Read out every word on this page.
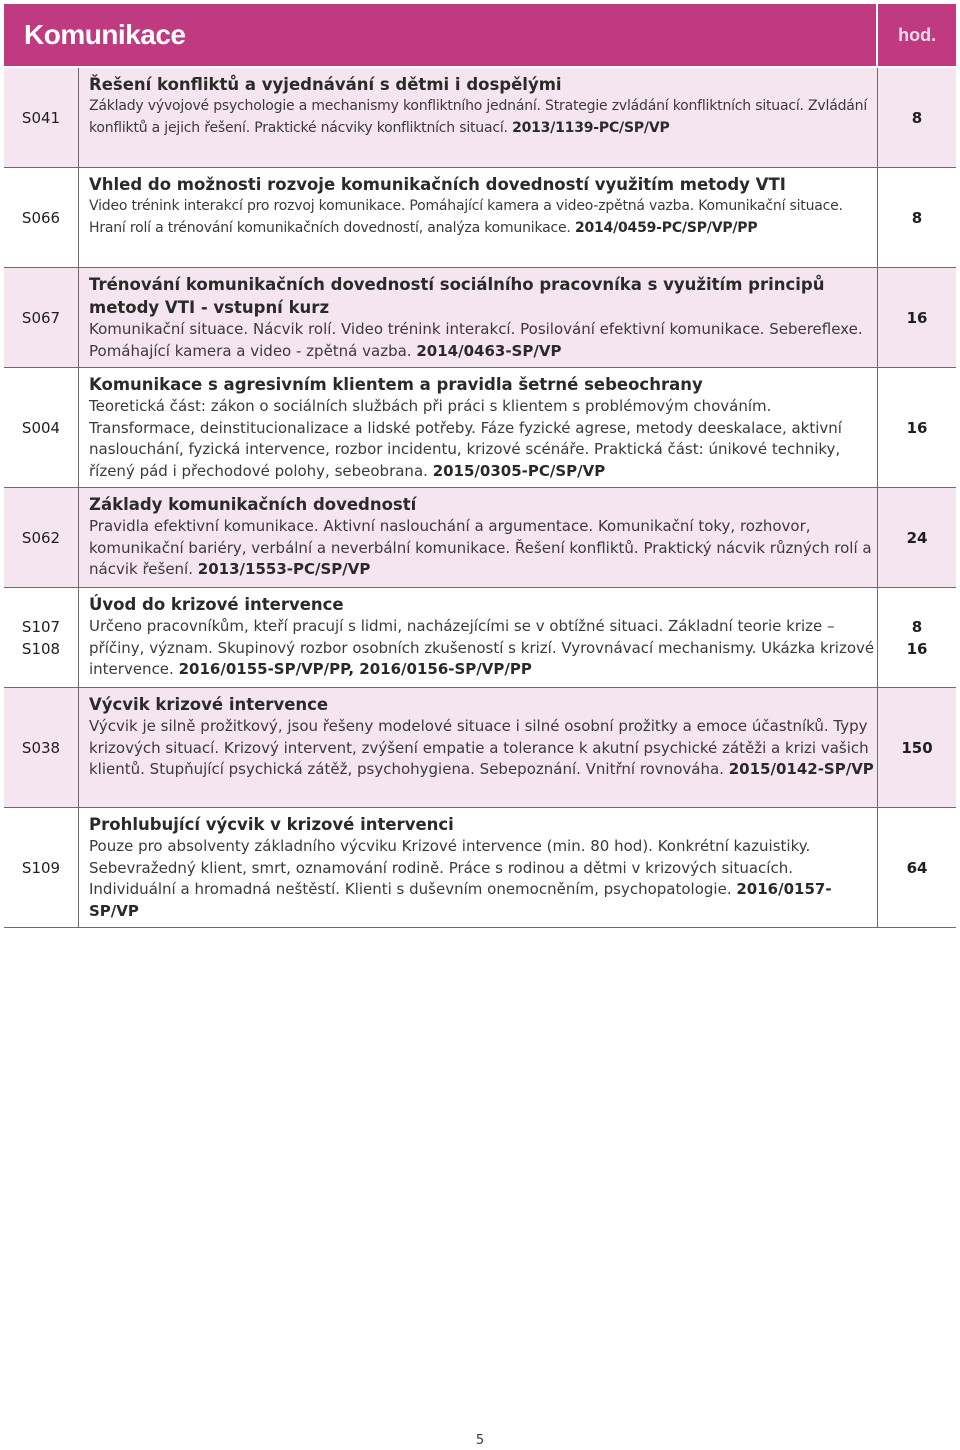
Komunikace	hod.
S041
Řešení konfliktů a vyjednávání s dětmi i dospělými
Základy vývojové psychologie a mechanismy konfliktního jednání. Strategie zvládání konfliktních situací. Zvládání konfliktů a jejich řešení. Praktické nácviky konfliktních situací. 2013/1139-PC/SP/VP
8
S066
Vhled do možnosti rozvoje komunikačních dovedností využitím metody VTI
Video trénink interakcí pro rozvoj komunikace. Pomáhající kamera a video-zpětná vazba. Komunikační situace. Hraní rolí a trénování komunikačních dovedností, analýza komunikace. 2014/0459-PC/SP/VP/PP
8
S067
Trénování komunikačních dovedností sociálního pracovníka s využitím principů metody VTI - vstupní kurz
Komunikační situace. Nácvik rolí. Video trénink interakcí. Posilování efektivní komunikace. Sebereflexe. Pomáhající kamera a video - zpětná vazba. 2014/0463-SP/VP
16
S004
Komunikace s agresivním klientem a pravidla šetrné sebeochrany
Teoretická část: zákon o sociálních službách při práci s klientem s problémovým chováním. Transformace, deinstitucionalizace a lidské potřeby. Fáze fyzické agrese, metody deeskalace, aktivní naslouchání, fyzická intervence, rozbor incidentu, krizové scénáře. Praktická část: únikové techniky, řízený pád i přechodové polohy, sebeobrana. 2015/0305-PC/SP/VP
16
S062
Základy komunikačních dovedností
Pravidla efektivní komunikace. Aktivní naslouchání a argumentace. Komunikační toky, rozhovor, komunikační bariéry, verbální a neverbální komunikace. Řešení konfliktů. Praktický nácvik různých rolí a nácvik řešení. 2013/1553-PC/SP/VP
24
S107
S108
Úvod do krizové intervence
Určeno pracovníkům, kteří pracují s lidmi, nacházejícími se v obtížné situaci. Základní teorie krize – příčiny, význam. Skupinový rozbor osobních zkušeností s krizí. Vyrovnávací mechanismy. Ukázka krizové intervence. 2016/0155-SP/VP/PP, 2016/0156-SP/VP/PP
8
16
S038
Výcvik krizové intervence
Výcvik je silně prožitkový, jsou řešeny modelové situace i silné osobní prožitky a emoce účastníků. Typy krizových situací. Krizový intervent, zvýšení empatie a tolerance k akutní psychické zátěži a krizi vašich klientů. Stupňující psychická zátěž, psychohygiena. Sebepoznání. Vnitřní rovnováha. 2015/0142-SP/VP
150
S109
Prohlubující výcvik v krizové intervenci
Pouze pro absolventy základního výcviku Krizové intervence (min. 80 hod). Konkrétní kazuistiky. Sebevražedný klient, smrt, oznamování rodině. Práce s rodinou a dětmi v krizových situacích. Individuální a hromadná neštěstí. Klienti s duševním onemocněním, psychopatologie. 2016/0157-SP/VP
64
5
